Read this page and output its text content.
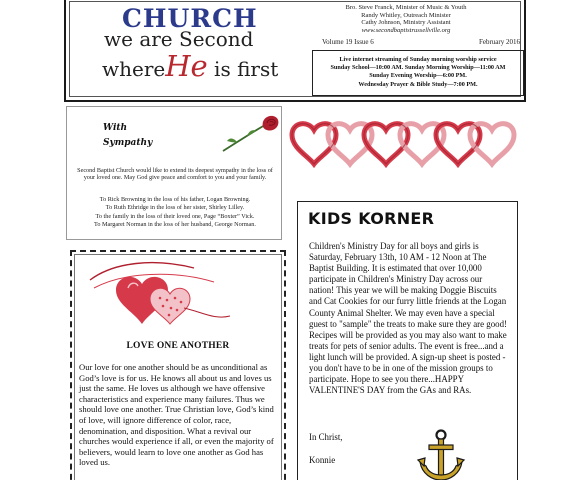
CHURCH
we are Second
whereHe is first
Bro. Steve Franck, Minister of Music & Youth
Randy Whitley, Outreach Minister
Cathy Johnson, Ministry Assistant
www.secondbaptistrussellville.org
Volume 19 Issue 6	February 2016
Live internet streaming of Sunday morning worship service
Sunday School—10:00 AM. Sunday Morning Worship—11:00 AM
Sunday Evening Worship—6:00 PM.
Wednesday Prayer & Bible Study—7:00 PM.
With
Sympathy
Second Baptist Church would like to extend its deepest sympathy in the loss of your loved one. May God give peace and comfort to you and your family.
To Rick Browning in the loss of his father, Logan Browning.
To Ruth Ethridge in the loss of her sister, Shirley Lilley.
To the family in the loss of their loved one, Page “Boxter” Vick.
To Margaret Norman in the loss of her husband, George Norman.
LOVE ONE ANOTHER
Our love for one another should be as unconditional as God’s love is for us. He knows all about us and loves us just the same. He loves us although we have offensive characteristics and experience many failures. Thus we should love one another. True Christian love, God’s kind of love, will ignore difference of color, race, denomination, and disposition. What a revival our churches would experience if all, or even the majority of believers, would learn to love one another as God has loved us.
KIDS KORNER
Children's Ministry Day for all boys and girls is Saturday, February 13th, 10 AM - 12 Noon at The Baptist Building. It is estimated that over 10,000 participate in Children's Ministry Day across our nation! This year we will be making Doggie Biscuits and Cat Cookies for our furry little friends at the Logan County Animal Shelter. We may even have a special guest to "sample" the treats to make sure they are good! Recipes will be provided as you may also want to make treats for pets of senior adults. The event is free...and a light lunch will be provided. A sign-up sheet is posted - you don't have to be in one of the mission groups to participate. Hope to see you there...HAPPY VALENTINE'S DAY from the GAs and RAs.
In Christ,
Konnie
